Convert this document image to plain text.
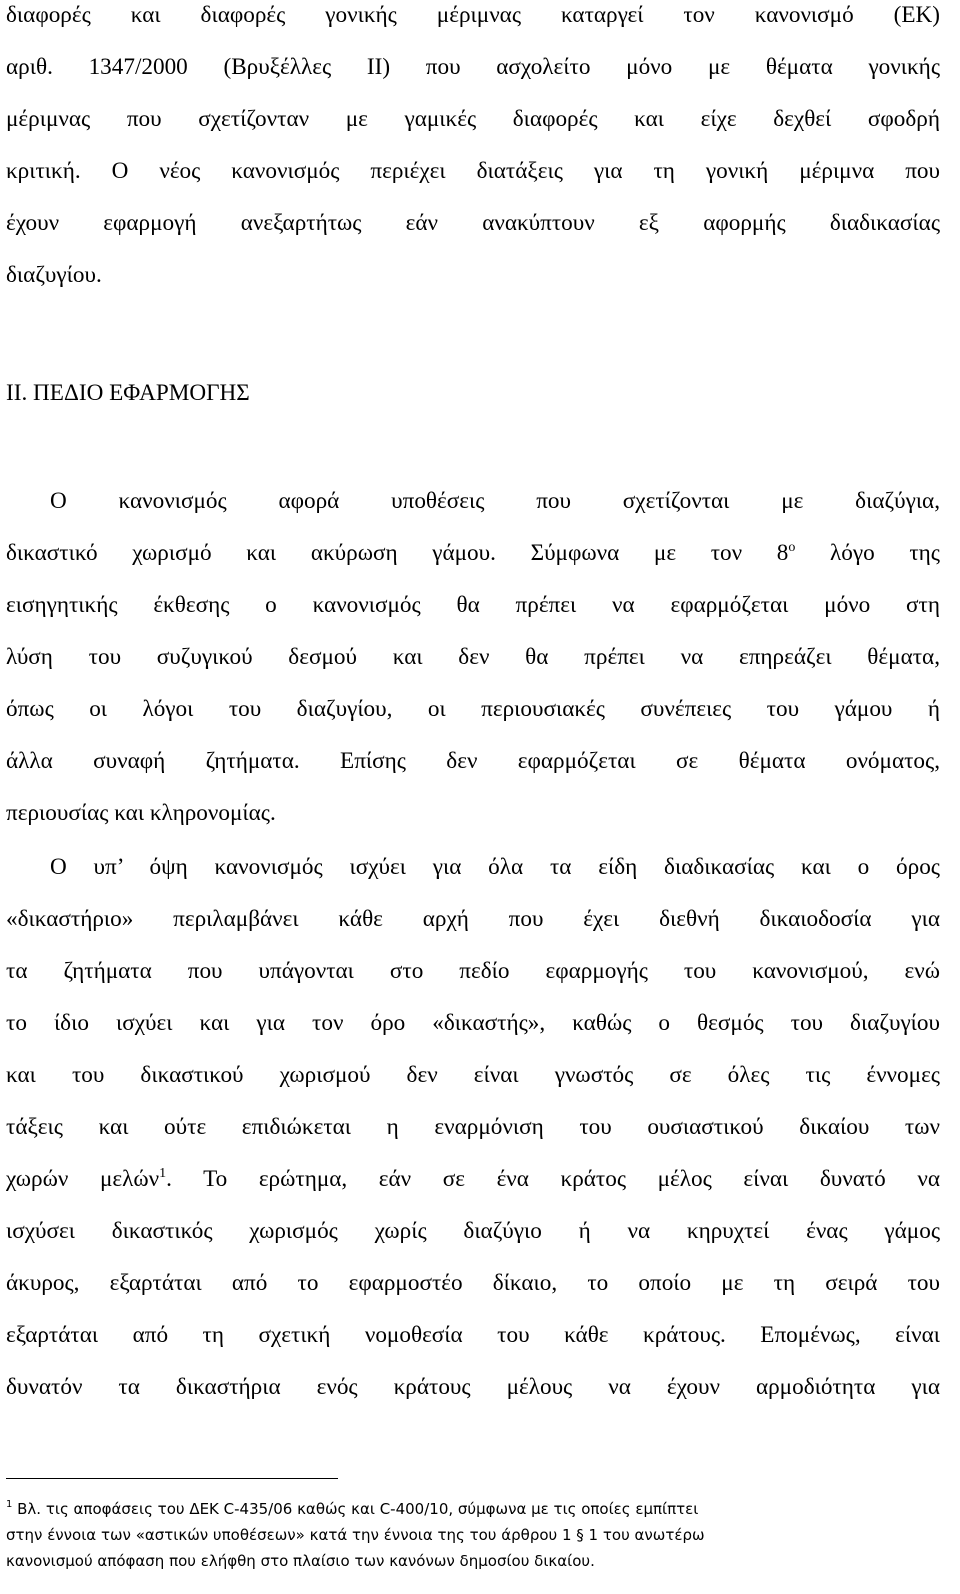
διαφορές και διαφορές γονικής μέριμνας καταργεί τον κανονισμό (ΕΚ)
αριθ. 1347/2000 (Βρυξέλλες ΙΙ) που ασχολείτο μόνο με θέματα γονικής
μέριμνας που σχετίζονταν με γαμικές διαφορές και είχε δεχθεί σφοδρή
κριτική. Ο νέος κανονισμός περιέχει διατάξεις για τη γονική μέριμνα που
έχουν εφαρμογή ανεξαρτήτως εάν ανακύπτουν εξ αφορμής διαδικασίας
διαζυγίου.
ΙΙ. ΠΕΔΙΟ ΕΦΑΡΜΟΓΗΣ
Ο κανονισμός αφορά υποθέσεις που σχετίζονται με διαζύγια,
δικαστικό χωρισμό και ακύρωση γάμου. Σύμφωνα με τον $8^o$ λόγο της
εισηγητικής έκθεσης ο κανονισμός θα πρέπει να εφαρμόζεται μόνο στη
λύση του συζυγικού δεσμού και δεν θα πρέπει να επηρεάζει θέματα,
όπως οι λόγοι του διαζυγίου, οι περιουσιακές συνέπειες του γάμου ή
άλλα συναφή ζητήματα. Επίσης δεν εφαρμόζεται σε θέματα ονόματος,
περιουσίας και κληρονομίας.
Ο υπ’ όψη κανονισμός ισχύει για όλα τα είδη διαδικασίας και ο όρος
«δικαστήριο» περιλαμβάνει κάθε αρχή που έχει διεθνή δικαιοδοσία για
τα ζητήματα που υπάγονται στο πεδίο εφαρμογής του κανονισμού, ενώ
το ίδιο ισχύει και για τον όρο «δικαστής», καθώς ο θεσμός του διαζυγίου
και του δικαστικού χωρισμού δεν είναι γνωστός σε όλες τις έννομες
τάξεις και ούτε επιδιώκεται η εναρμόνιση του ουσιαστικού δικαίου των
χωρών μελών$^1$. Το ερώτημα, εάν σε ένα κράτος μέλος είναι δυνατό να
ισχύσει δικαστικός χωρισμός χωρίς διαζύγιο ή να κηρυχτεί ένας γάμος
άκυρος, εξαρτάται από το εφαρμοστέο δίκαιο, το οποίο με τη σειρά του
εξαρτάται από τη σχετική νομοθεσία του κάθε κράτους. Επομένως, είναι
δυνατόν τα δικαστήρια ενός κράτους μέλους να έχουν αρμοδιότητα για
$^1$ Βλ. τις αποφάσεις του ΔΕΚ C-435/06 καθώς και C-400/10, σύμφωνα με τις οποίες εμπίπτει
στην έννοια των «αστικών υποθέσεων» κατά την έννοια της του άρθρου 1 § 1 του ανωτέρω
κανονισμού απόφαση που ελήφθη στο πλαίσιο των κανόνων δημοσίου δικαίου.
